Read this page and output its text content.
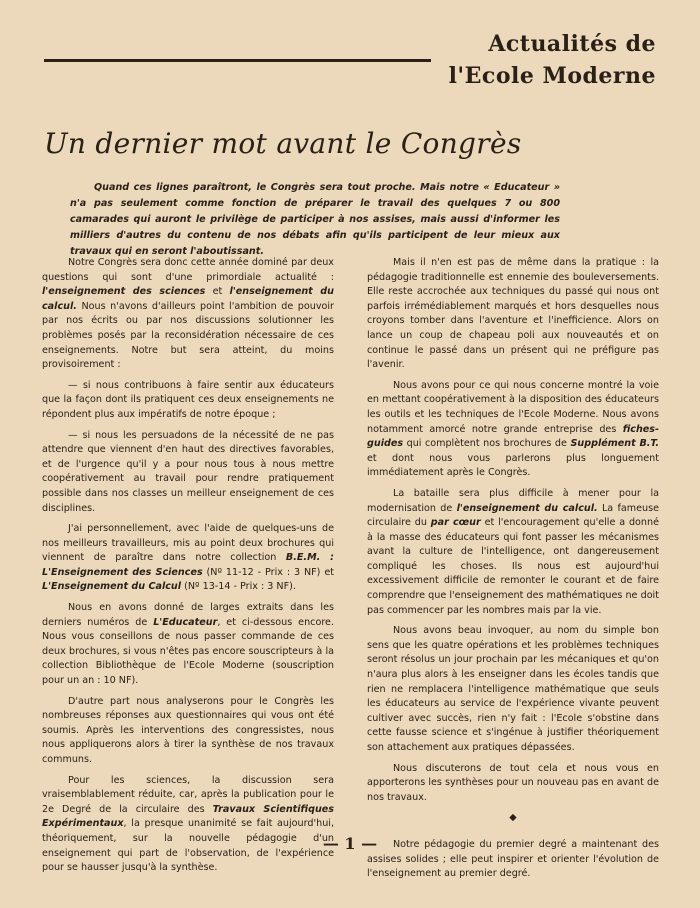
Actualités de
l'Ecole Moderne
Un dernier mot avant le Congrès

Quand ces lignes paraîtront, le Congrès sera tout proche. Mais notre « Educateur » n'a pas seulement comme fonction de préparer le travail des quelques 7 ou 800 camarades qui auront le privilège de participer à nos assises, mais aussi d'informer les milliers d'autres du contenu de nos débats afin qu'ils participent de leur mieux aux travaux qui en seront l'aboutissant.

Notre Congrès sera donc cette année dominé par deux questions qui sont d'une primordiale actualité : l'enseignement des sciences et l'enseignement du calcul. Nous n'avons d'ailleurs point l'ambition de pouvoir par nos écrits ou par nos discussions solutionner les problèmes posés par la reconsidération nécessaire de ces enseignements. Notre but sera atteint, du moins provisoirement :

— si nous contribuons à faire sentir aux éducateurs que la façon dont ils pratiquent ces deux enseignements ne répondent plus aux impératifs de notre époque ;

— si nous les persuadons de la nécessité de ne pas attendre que viennent d'en haut des directives favorables, et de l'urgence qu'il y a pour nous tous à nous mettre coopérativement au travail pour rendre pratiquement possible dans nos classes un meilleur enseignement de ces disciplines.

J'ai personnellement, avec l'aide de quelques-uns de nos meilleurs travailleurs, mis au point deux brochures qui viennent de paraître dans notre collection B.E.M. : L'Enseignement des Sciences (Nº 11-12 - Prix : 3 NF) et L'Enseignement du Calcul (Nº 13-14 - Prix : 3 NF).

Nous en avons donné de larges extraits dans les derniers numéros de L'Educateur, et ci-dessous encore. Nous vous conseillons de nous passer commande de ces deux brochures, si vous n'êtes pas encore souscripteurs à la collection Bibliothèque de l'Ecole Moderne (souscription pour un an : 10 NF).

D'autre part nous analyserons pour le Congrès les nombreuses réponses aux questionnaires qui vous ont été soumis. Après les interventions des congressistes, nous nous appliquerons alors à tirer la synthèse de nos travaux communs.

Pour les sciences, la discussion sera vraisemblablement réduite, car, après la publication pour le 2e Degré de la circulaire des Travaux Scientifiques Expérimentaux, la presque unanimité se fait aujourd'hui, théoriquement, sur la nouvelle pédagogie d'un enseignement qui part de l'observation, de l'expérience pour se hausser jusqu'à la synthèse.

Mais il n'en est pas de même dans la pratique : la pédagogie traditionnelle est ennemie des bouleversements. Elle reste accrochée aux techniques du passé qui nous ont parfois irrémédiablement marqués et hors desquelles nous croyons tomber dans l'aventure et l'inefficience. Alors on lance un coup de chapeau poli aux nouveautés et on continue le passé dans un présent qui ne préfigure pas l'avenir.

Nous avons pour ce qui nous concerne montré la voie en mettant coopérativement à la disposition des éducateurs les outils et les techniques de l'Ecole Moderne. Nous avons notamment amorcé notre grande entreprise des fiches-guides qui complètent nos brochures de Supplément B.T. et dont nous vous parlerons plus longuement immédiatement après le Congrès.

La bataille sera plus difficile à mener pour la modernisation de l'enseignement du calcul. La fameuse circulaire du par cœur et l'encouragement qu'elle a donné à la masse des éducateurs qui font passer les mécanismes avant la culture de l'intelligence, ont dangereusement compliqué les choses. Ils nous est aujourd'hui excessivement difficile de remonter le courant et de faire comprendre que l'enseignement des mathématiques ne doit pas commencer par les nombres mais par la vie.

Nous avons beau invoquer, au nom du simple bon sens que les quatre opérations et les problèmes techniques seront résolus un jour prochain par les mécaniques et qu'on n'aura plus alors à les enseigner dans les écoles tandis que rien ne remplacera l'intelligence mathématique que seuls les éducateurs au service de l'expérience vivante peuvent cultiver avec succès, rien n'y fait : l'Ecole s'obstine dans cette fausse science et s'ingénue à justifier théoriquement son attachement aux pratiques dépassées.

Nous discuterons de tout cela et nous vous en apporterons les synthèses pour un nouveau pas en avant de nos travaux.

◆

Notre pédagogie du premier degré a maintenant des assises solides ; elle peut inspirer et orienter l'évolution de l'enseignement au premier degré.

— 1 —
